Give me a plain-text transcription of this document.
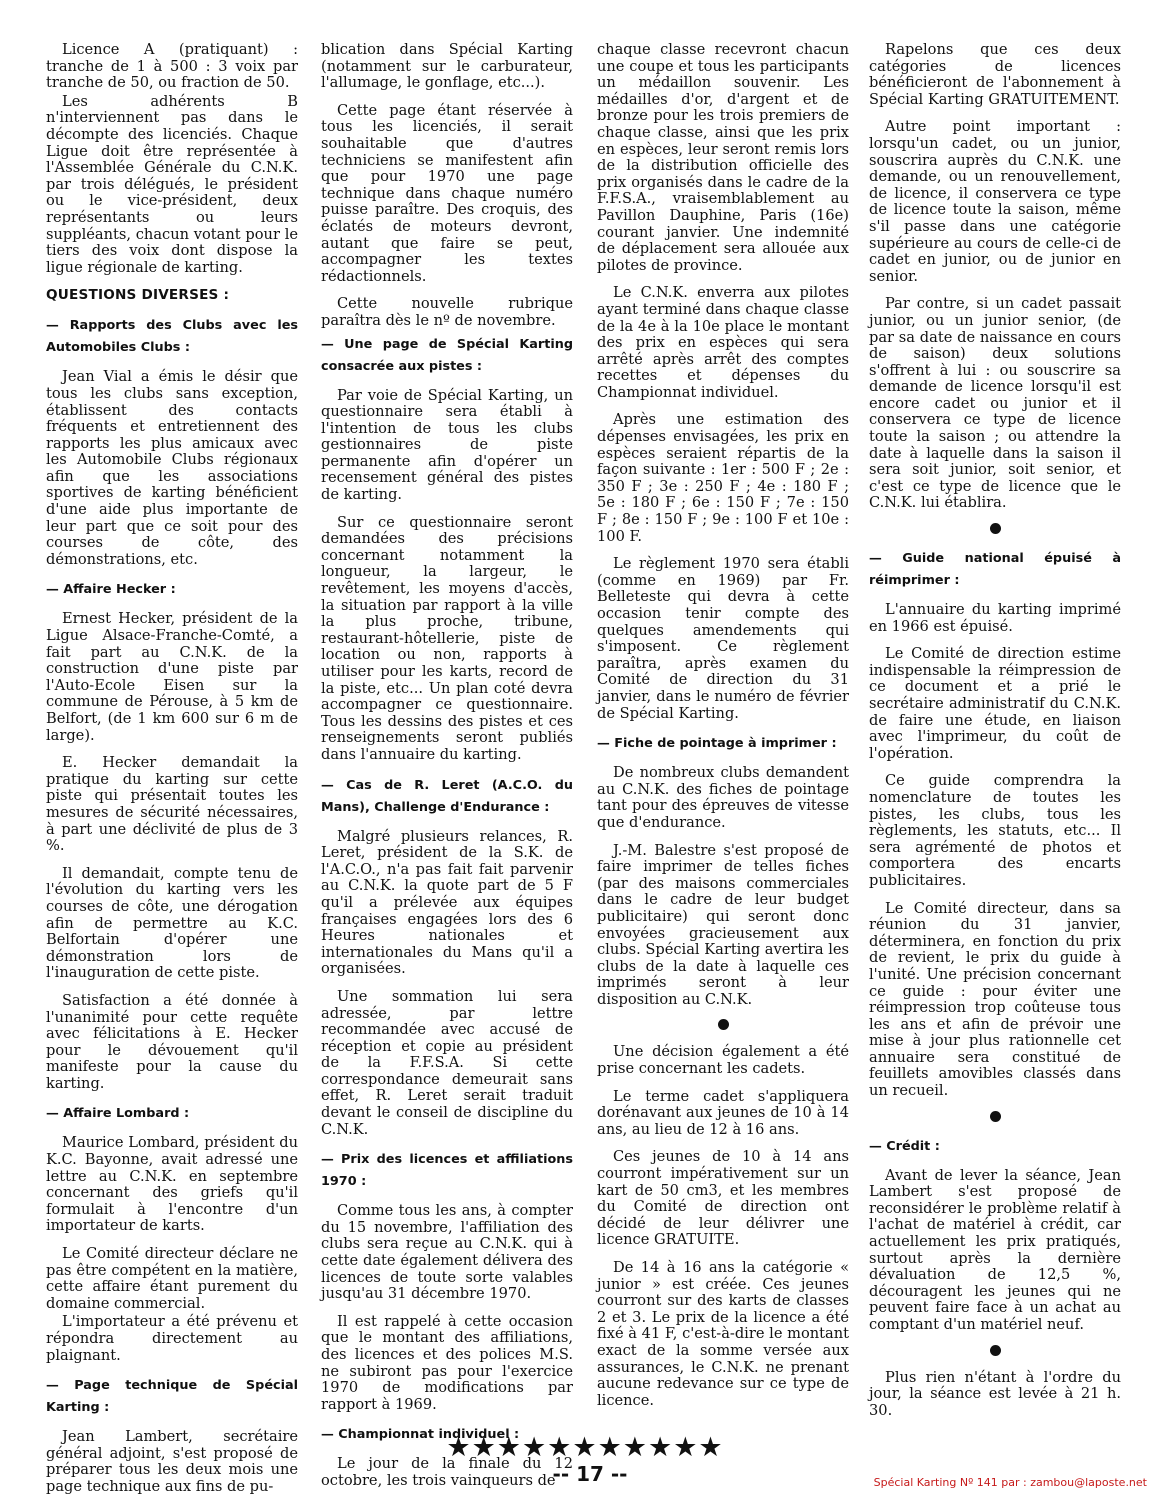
Licence A (pratiquant) : tranche de 1 à 500 : 3 voix par tranche de 50, ou fraction de 50.

Les adhérents B n'interviennent pas dans le décompte des licenciés. Chaque Ligue doit être représentée à l'Assemblée Générale du C.N.K. par trois délégués, le président ou le vice-président, deux représentants ou leurs suppléants, chacun votant pour le tiers des voix dont dispose la ligue régionale de karting.

QUESTIONS DIVERSES :
— Rapports des Clubs avec les Automobiles Clubs :

Jean Vial a émis le désir que tous les clubs sans exception, établissent des contacts fréquents et entretiennent des rapports les plus amicaux avec les Automobile Clubs régionaux afin que les associations sportives de karting bénéficient d'une aide plus importante de leur part que ce soit pour des courses de côte, des démonstrations, etc.

— Affaire Hecker :

Ernest Hecker, président de la Ligue Alsace-Franche-Comté, a fait part au C.N.K. de la construction d'une piste par l'Auto-Ecole Eisen sur la commune de Pérouse, à 5 km de Belfort, (de 1 km 600 sur 6 m de large).

E. Hecker demandait la pratique du karting sur cette piste qui présentait toutes les mesures de sécurité nécessaires, à part une déclivité de plus de 3 %.

Il demandait, compte tenu de l'évolution du karting vers les courses de côte, une dérogation afin de permettre au K.C. Belfortain d'opérer une démonstration lors de l'inauguration de cette piste.

Satisfaction a été donnée à l'unanimité pour cette requête avec félicitations à E. Hecker pour le dévouement qu'il manifeste pour la cause du karting.

— Affaire Lombard :

Maurice Lombard, président du K.C. Bayonne, avait adressé une lettre au C.N.K. en septembre concernant des griefs qu'il formulait à l'encontre d'un importateur de karts.

Le Comité directeur déclare ne pas être compétent en la matière, cette affaire étant purement du domaine commercial.

L'importateur a été prévenu et répondra directement au plaignant.

— Page technique de Spécial Karting :

Jean Lambert, secrétaire général adjoint, s'est proposé de préparer tous les deux mois une page technique aux fins de pu-

blication dans Spécial Karting (notamment sur le carburateur, l'allumage, le gonflage, etc...).

Cette page étant réservée à tous les licenciés, il serait souhaitable que d'autres techniciens se manifestent afin que pour 1970 une page technique dans chaque numéro puisse paraître. Des croquis, des éclatés de moteurs devront, autant que faire se peut, accompagner les textes rédactionnels.

Cette nouvelle rubrique paraîtra dès le nº de novembre.

— Une page de Spécial Karting consacrée aux pistes :

Par voie de Spécial Karting, un questionnaire sera établi à l'intention de tous les clubs gestionnaires de piste permanente afin d'opérer un recensement général des pistes de karting.

Sur ce questionnaire seront demandées des précisions concernant notamment la longueur, la largeur, le revêtement, les moyens d'accès, la situation par rapport à la ville la plus proche, tribune, restaurant-hôtellerie, piste de location ou non, rapports à utiliser pour les karts, record de la piste, etc... Un plan coté devra accompagner ce questionnaire. Tous les dessins des pistes et ces renseignements seront publiés dans l'annuaire du karting.

— Cas de R. Leret (A.C.O. du Mans), Challenge d'Endurance :

Malgré plusieurs relances, R. Leret, président de la S.K. de l'A.C.O., n'a pas fait fait parvenir au C.N.K. la quote part de 5 F qu'il a prélevée aux équipes françaises engagées lors des 6 Heures nationales et internationales du Mans qu'il a organisées.

Une sommation lui sera adressée, par lettre recommandée avec accusé de réception et copie au président de la F.F.S.A. Si cette correspondance demeurait sans effet, R. Leret serait traduit devant le conseil de discipline du C.N.K.

— Prix des licences et affiliations 1970 :

Comme tous les ans, à compter du 15 novembre, l'affiliation des clubs sera reçue au C.N.K. qui à cette date également délivera des licences de toute sorte valables jusqu'au 31 décembre 1970.

Il est rappelé à cette occasion que le montant des affiliations, des licences et des polices M.S. ne subiront pas pour l'exercice 1970 de modifications par rapport à 1969.

— Championnat individuel :

Le jour de la finale du 12 octobre, les trois vainqueurs de

chaque classe recevront chacun une coupe et tous les participants un médaillon souvenir. Les médailles d'or, d'argent et de bronze pour les trois premiers de chaque classe, ainsi que les prix en espèces, leur seront remis lors de la distribution officielle des prix organisés dans le cadre de la F.F.S.A., vraisemblablement au Pavillon Dauphine, Paris (16e) courant janvier. Une indemnité de déplacement sera allouée aux pilotes de province.

Le C.N.K. enverra aux pilotes ayant terminé dans chaque classe de la 4e à la 10e place le montant des prix en espèces qui sera arrêté après arrêt des comptes recettes et dépenses du Championnat individuel.

Après une estimation des dépenses envisagées, les prix en espèces seraient répartis de la façon suivante : 1er : 500 F ; 2e : 350 F ; 3e : 250 F ; 4e : 180 F ; 5e : 180 F ; 6e : 150 F ; 7e : 150 F ; 8e : 150 F ; 9e : 100 F et 10e : 100 F.

Le règlement 1970 sera établi (comme en 1969) par Fr. Belleteste qui devra à cette occasion tenir compte des quelques amendements qui s'imposent. Ce règlement paraîtra, après examen du Comité de direction du 31 janvier, dans le numéro de février de Spécial Karting.

— Fiche de pointage à imprimer :

De nombreux clubs demandent au C.N.K. des fiches de pointage tant pour des épreuves de vitesse que d'endurance.

J.-M. Balestre s'est proposé de faire imprimer de telles fiches (par des maisons commerciales dans le cadre de leur budget publicitaire) qui seront donc envoyées gracieusement aux clubs. Spécial Karting avertira les clubs de la date à laquelle ces imprimés seront à leur disposition au C.N.K.

Une décision également a été prise concernant les cadets.

Le terme cadet s'appliquera dorénavant aux jeunes de 10 à 14 ans, au lieu de 12 à 16 ans.

Ces jeunes de 10 à 14 ans courront impérativement sur un kart de 50 cm3, et les membres du Comité de direction ont décidé de leur délivrer une licence GRATUITE.

De 14 à 16 ans la catégorie « junior » est créée. Ces jeunes courront sur des karts de classes 2 et 3. Le prix de la licence a été fixé à 41 F, c'est-à-dire le montant exact de la somme versée aux assurances, le C.N.K. ne prenant aucune redevance sur ce type de licence.

Rapelons que ces deux catégories de licences bénéficieront de l'abonnement à Spécial Karting GRATUITEMENT.

Autre point important : lorsqu'un cadet, ou un junior, souscrira auprès du C.N.K. une demande, ou un renouvellement, de licence, il conservera ce type de licence toute la saison, même s'il passe dans une catégorie supérieure au cours de celle-ci de cadet en junior, ou de junior en senior.

Par contre, si un cadet passait junior, ou un junior senior, (de par sa date de naissance en cours de saison) deux solutions s'offrent à lui : ou souscrire sa demande de licence lorsqu'il est encore cadet ou junior et il conservera ce type de licence toute la saison ; ou attendre la date à laquelle dans la saison il sera soit junior, soit senior, et c'est ce type de licence que le C.N.K. lui établira.

— Guide national épuisé à réimprimer :

L'annuaire du karting imprimé en 1966 est épuisé.

Le Comité de direction estime indispensable la réimpression de ce document et a prié le secrétaire administratif du C.N.K. de faire une étude, en liaison avec l'imprimeur, du coût de l'opération.

Ce guide comprendra la nomenclature de toutes les pistes, les clubs, tous les règlements, les statuts, etc... Il sera agrémenté de photos et comportera des encarts publicitaires.

Le Comité directeur, dans sa réunion du 31 janvier, déterminera, en fonction du prix de revient, le prix du guide à l'unité. Une précision concernant ce guide : pour éviter une réimpression trop coûteuse tous les ans et afin de prévoir une mise à jour plus rationnelle cet annuaire sera constitué de feuillets amovibles classés dans un recueil.

— Crédit :

Avant de lever la séance, Jean Lambert s'est proposé de reconsidérer le problème relatif à l'achat de matériel à crédit, car actuellement les prix pratiqués, surtout après la dernière dévaluation de 12,5 %, découragent les jeunes qui ne peuvent faire face à un achat au comptant d'un matériel neuf.

Plus rien n'étant à l'ordre du jour, la séance est levée à 21 h. 30.

★★★★★★★★★★★
-- 17 --	Spécial Karting Nº 141 par : zambou@laposte.net
